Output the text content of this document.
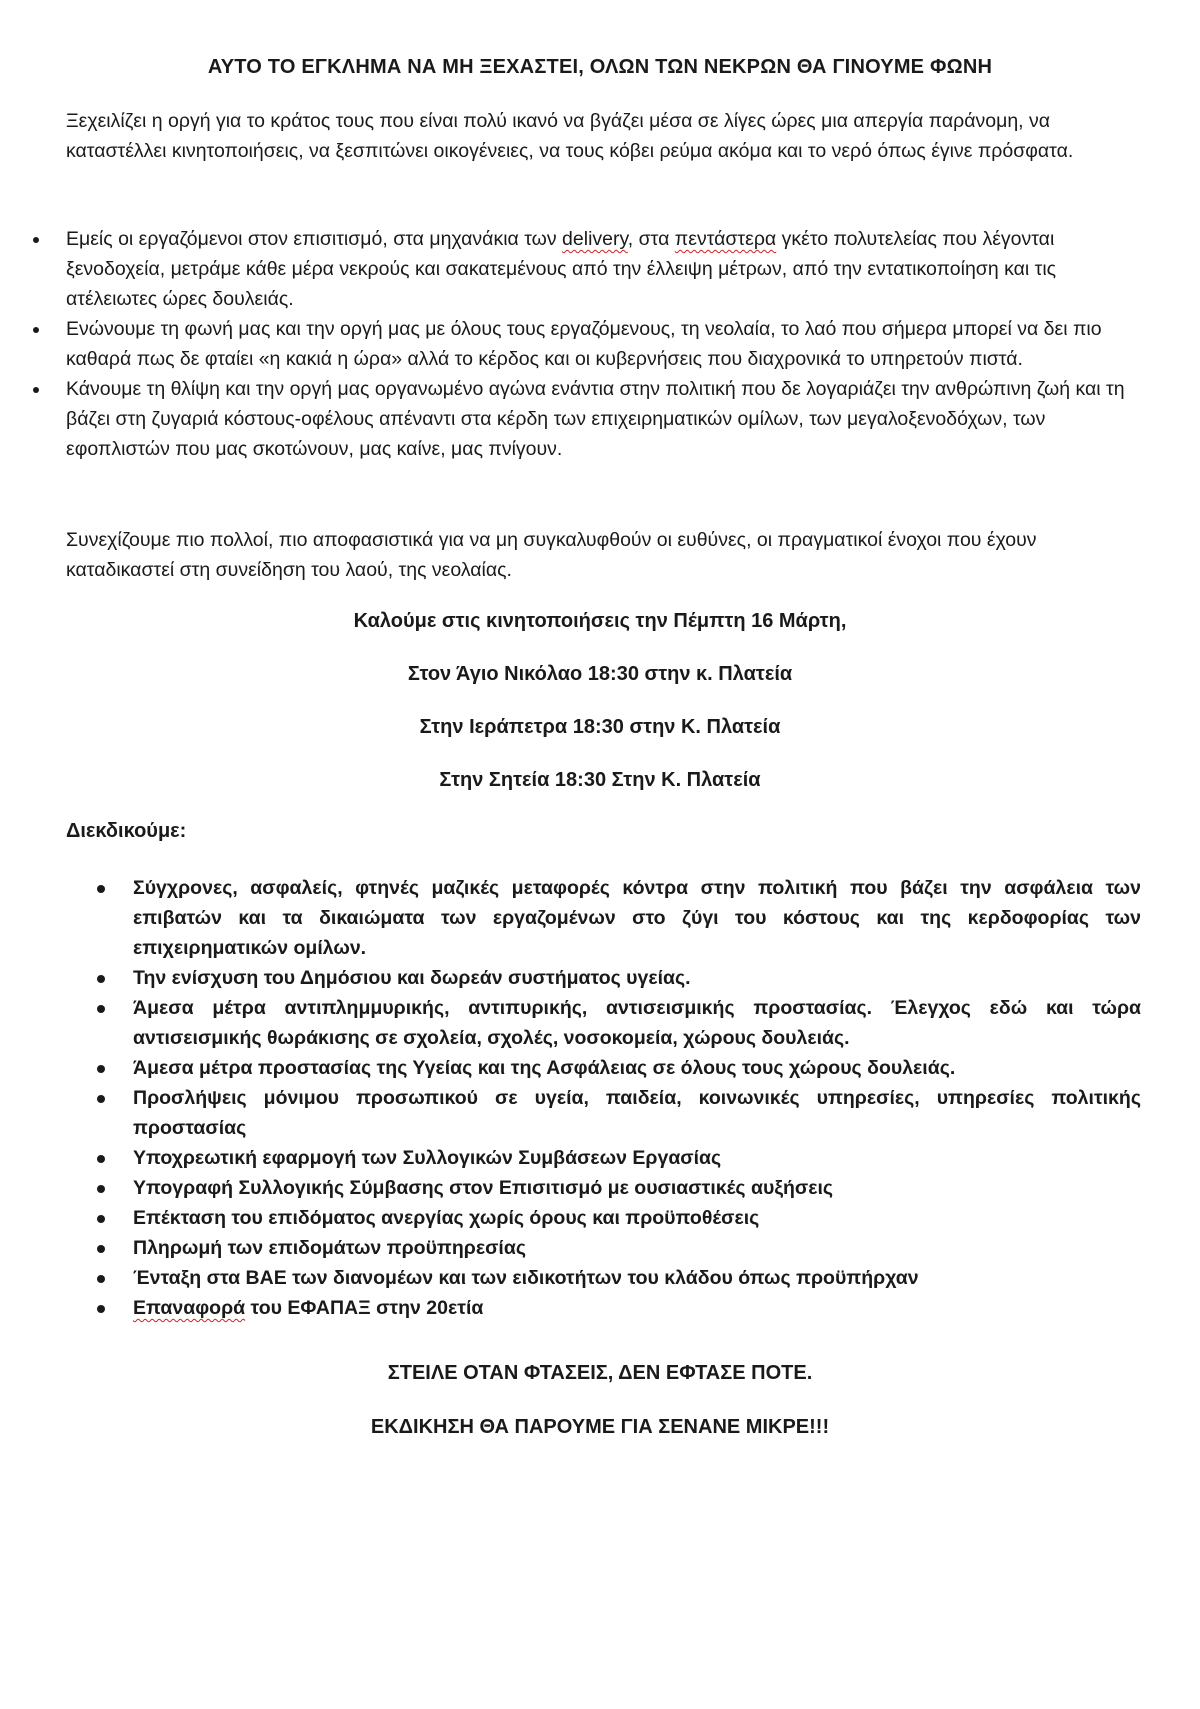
ΑΥΤΟ ΤΟ ΕΓΚΛΗΜΑ ΝΑ ΜΗ ΞΕΧΑΣΤΕΙ, ΟΛΩΝ ΤΩΝ ΝΕΚΡΩΝ ΘΑ ΓΙΝΟΥΜΕ ΦΩΝΗ

Ξεχειλίζει η οργή για το κράτος τους που είναι πολύ ικανό να βγάζει μέσα σε λίγες ώρες μια απεργία παράνομη, να καταστέλλει κινητοποιήσεις, να ξεσπιτώνει οικογένειες, να τους κόβει ρεύμα ακόμα και το νερό όπως έγινε πρόσφατα.

Εμείς οι εργαζόμενοι στον επισιτισμό, στα μηχανάκια των delivery, στα πεντάστερα γκέτο πολυτελείας που λέγονται ξενοδοχεία, μετράμε κάθε μέρα νεκρούς και σακατεμένους από την έλλειψη μέτρων, από την εντατικοποίηση και τις ατέλειωτες ώρες δουλειάς.
Ενώνουμε τη φωνή μας και την οργή μας με όλους τους εργαζόμενους, τη νεολαία, το λαό που σήμερα μπορεί να δει πιο καθαρά πως δε φταίει «η κακιά η ώρα» αλλά το κέρδος και οι κυβερνήσεις που διαχρονικά το υπηρετούν πιστά.
Κάνουμε τη θλίψη και την οργή μας οργανωμένο αγώνα ενάντια στην πολιτική που δε λογαριάζει την ανθρώπινη ζωή και τη βάζει στη ζυγαριά κόστους-οφέλους απέναντι στα κέρδη των επιχειρηματικών ομίλων, των μεγαλοξενοδόχων, των εφοπλιστών που μας σκοτώνουν, μας καίνε, μας πνίγουν.

Συνεχίζουμε πιο πολλοί, πιο αποφασιστικά για να μη συγκαλυφθούν οι ευθύνες, οι πραγματικοί ένοχοι που έχουν καταδικαστεί στη συνείδηση του λαού, της νεολαίας.

Καλούμε στις κινητοποιήσεις την Πέμπτη 16 Μάρτη,
Στον Άγιο Νικόλαο 18:30 στην κ. Πλατεία
Στην Ιεράπετρα 18:30 στην Κ. Πλατεία
Στην Σητεία 18:30 Στην Κ. Πλατεία
Διεκδικούμε:
Σύγχρονες, ασφαλείς, φτηνές μαζικές μεταφορές κόντρα στην πολιτική που βάζει την ασφάλεια των επιβατών και τα δικαιώματα των εργαζομένων στο ζύγι του κόστους και της κερδοφορίας των επιχειρηματικών ομίλων.
Την ενίσχυση του Δημόσιου και δωρεάν συστήματος υγείας.
Άμεσα μέτρα αντιπλημμυρικής, αντιπυρικής, αντισεισμικής προστασίας. Έλεγχος εδώ και τώρα αντισεισμικής θωράκισης σε σχολεία, σχολές, νοσοκομεία, χώρους δουλειάς.
Άμεσα μέτρα προστασίας της Υγείας και της Ασφάλειας σε όλους τους χώρους δουλειάς.
Προσλήψεις μόνιμου προσωπικού σε υγεία, παιδεία, κοινωνικές υπηρεσίες, υπηρεσίες πολιτικής προστασίας
Υποχρεωτική εφαρμογή των Συλλογικών Συμβάσεων Εργασίας
Υπογραφή Συλλογικής Σύμβασης στον Επισιτισμό με ουσιαστικές αυξήσεις
Επέκταση του επιδόματος ανεργίας χωρίς όρους και προϋποθέσεις
Πληρωμή των επιδομάτων προϋπηρεσίας
Ένταξη στα ΒΑΕ των διανομέων και των ειδικοτήτων του κλάδου όπως προϋπήρχαν
Επαναφορά του ΕΦΑΠΑΞ στην 20ετία
ΣΤΕΙΛΕ ΟΤΑΝ ΦΤΑΣΕΙΣ, ΔΕΝ ΕΦΤΑΣΕ ΠΟΤΕ.
ΕΚΔΙΚΗΣΗ ΘΑ ΠΑΡΟΥΜΕ ΓΙΑ ΣΕΝΑΝΕ ΜΙΚΡΕ!!!
